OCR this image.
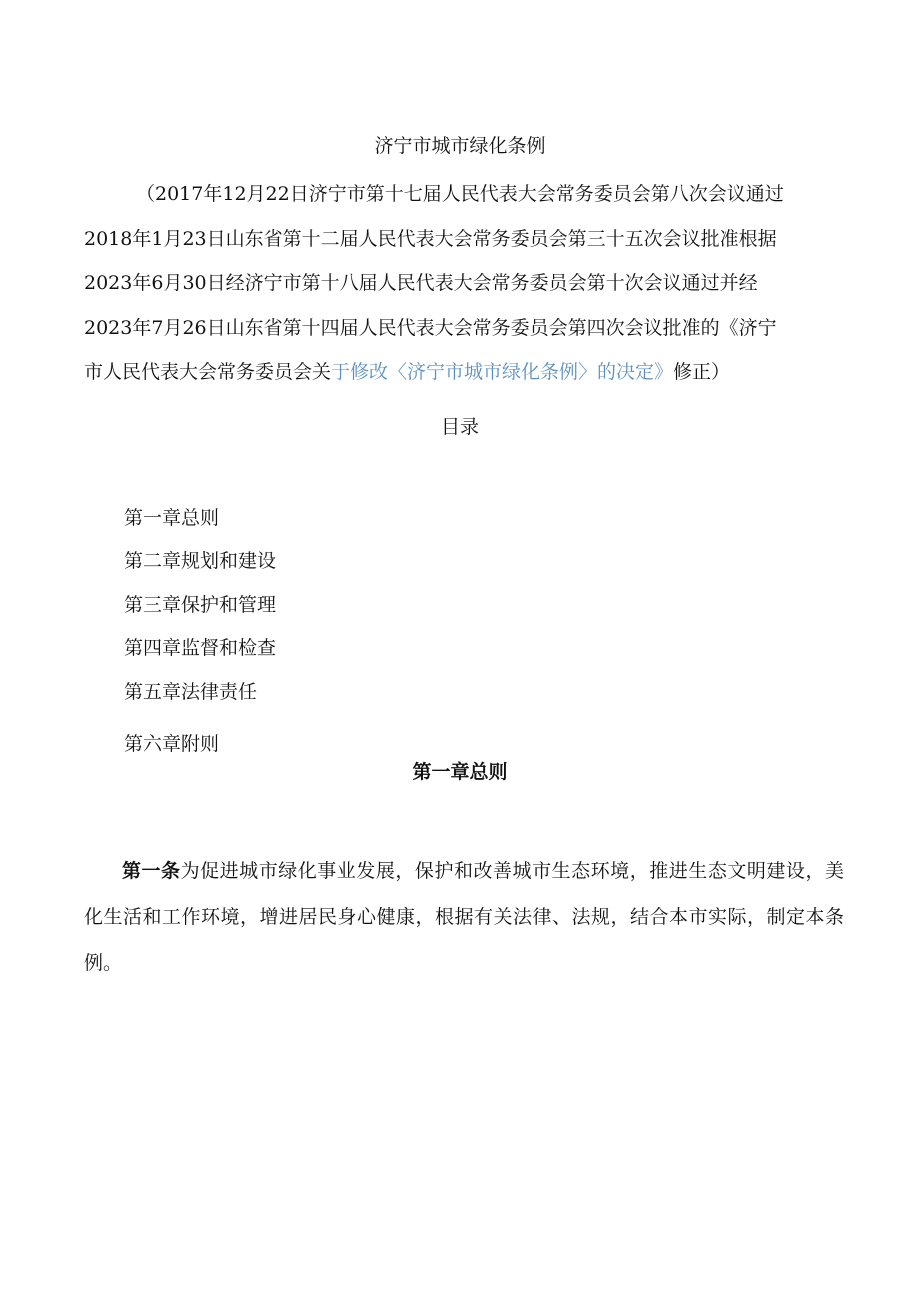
济宁市城市绿化条例
（2017年12月22日济宁市第十七届人民代表大会常务委员会第八次会议通过
2018年1月23日山东省第十二届人民代表大会常务委员会第三十五次会议批准根据
2023年6月30日经济宁市第十八届人民代表大会常务委员会第十次会议通过并经
2023年7月26日山东省第十四届人民代表大会常务委员会第四次会议批准的《济宁
市人民代表大会常务委员会关于修改〈济宁市城市绿化条例〉的决定》修正）
目录
第一章总则
第二章规划和建设
第三章保护和管理
第四章监督和检查
第五章法律责任
第六章附则
第一章总则
第一条为促进城市绿化事业发展，保护和改善城市生态环境，推进生态文明建设，美化生活和工作环境，增进居民身心健康，根据有关法律、法规，结合本市实际，制定本条例。
